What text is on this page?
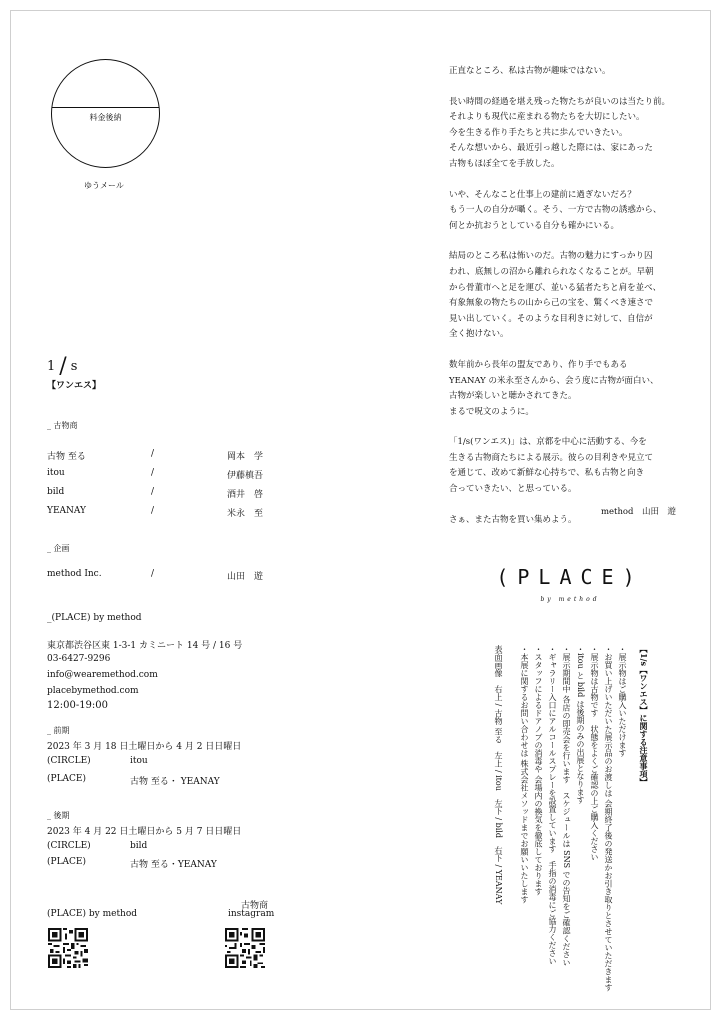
料金後納
ゆうメール
1/s
【ワンエス】
_ 古物商
古物 至る	/	岡本　学
itou	/	伊藤槙吾
bild	/	酒井　啓
YEANAY	/	米永　至
_ 企画
method Inc.	/	山田　遊
_(PLACE) by method
東京都渋谷区東 1-3-1 カミニート 14 号 / 16 号
03-6427-9296
info@wearemethod.com
placebymethod.com
12:00-19:00
_ 前期
2023 年 3 月 18 日土曜日から 4 月 2 日日曜日
(CIRCLE)	itou
(PLACE)	古物 至る・ YEANAY
_ 後期
2023 年 4 月 22 日土曜日から 5 月 7 日日曜日
(CIRCLE)	bild
(PLACE)	古物 至る・YEANAY
(PLACE) by method
古物商
instagram

正直なところ、私は古物が趣味ではない。

長い時間の経過を堪え残った物たちが良いのは当たり前。
それよりも現代に産まれる物たちを大切にしたい。
今を生きる作り手たちと共に歩んでいきたい。
そんな想いから、最近引っ越した際には、家にあった
古物もほぼ全てを手放した。

いや、そんなこと仕事上の建前に過ぎないだろ？
もう一人の自分が囁く。そう、一方で古物の誘惑から、
何とか抗おうとしている自分も確かにいる。

結局のところ私は怖いのだ。古物の魅力にすっかり囚
われ、底無しの沼から離れられなくなることが。早朝
から骨董市へと足を運び、並いる猛者たちと肩を並べ、
有象無象の物たちの山から己の宝を、驚くべき速さで
見い出していく。そのような目利きに対して、自信が
全く抱けない。

数年前から長年の盟友であり、作り手でもある
YEANAY の米永至さんから、会う度に古物が面白い、
古物が楽しいと聴かされてきた。
まるで呪文のように。

「1/s(ワンエス)」は、京都を中心に活動する、今を
生きる古物商たちによる展示。彼らの目利きや見立て
を通じて、改めて新鮮な心持ちで、私も古物と向き
合っていきたい、と思っている。

さぁ、また古物を買い集めよう。

method　山田　遊
(PLACE)
by method
【1/s【ワンエス】に関する注意事項】
・展示物はご購入いただけます
・お買い上げいただいた展示品のお渡しは 会期終了後の発送かお引き取りとさせていただきます
・展示物は古物です　状態をよくご確認の上ご購入ください
・itou と bild は後期のみの出展となります
・展示期間中 各店の即売会を行います　スケジュールは SNS での告知をご確認ください
・ギャラリー入口にアルコールスプレーを設置しています　手指の消毒にご協力ください
・スタッフによるドアノブの消毒や 会場内の換気を徹底しております
・本展に関するお問い合わせは 株式会社メソッドまでお願いいたします
表面画像　右上 / 古物 至る　左上 / itou　左下 / bild　右下 / YEANAY
